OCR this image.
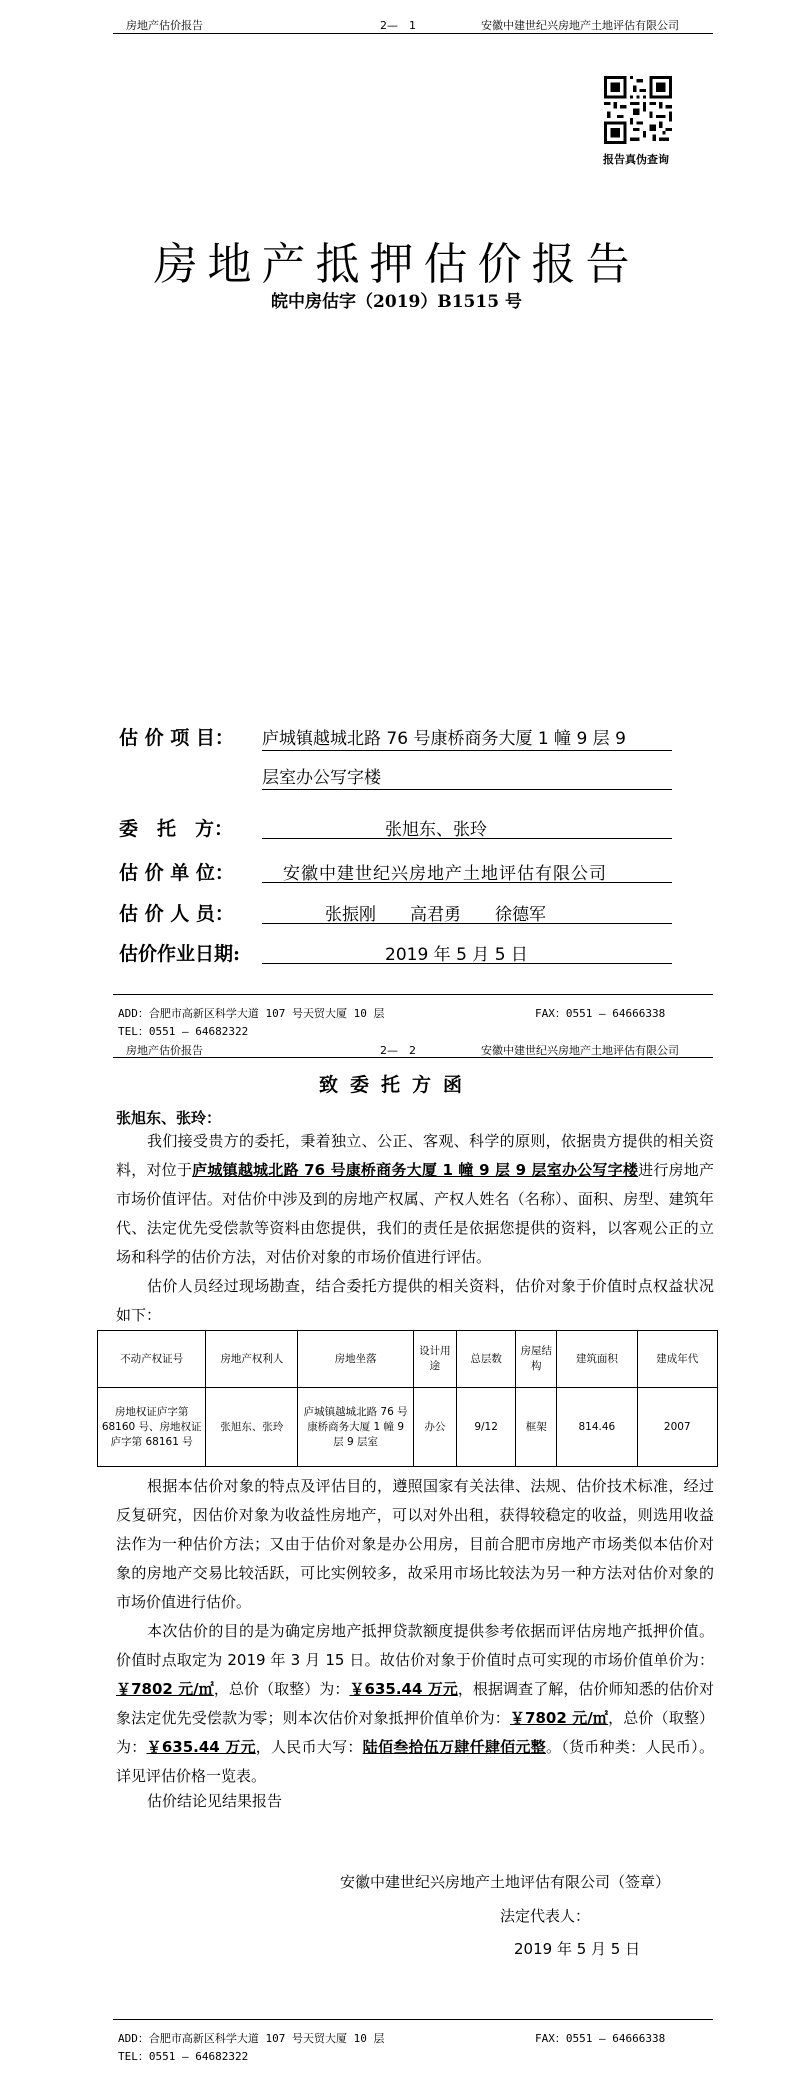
房地产估价报告	2—　1	安徽中建世纪兴房地产土地评估有限公司
报告真伪查询
房地产抵押估价报告
皖中房估字（2019）B1515 号
估 价 项 目： 庐城镇越城北路 76 号康桥商务大厦 1 幢 9 层 9
层室办公写字楼
委　托　方：	张旭东、张玲
估 价 单 位：	安徽中建世纪兴房地产土地评估有限公司
估 价 人 员：	张振刚　　高君勇　　徐德军
估价作业日期:	2019 年 5 月 5 日
ADD：合肥市高新区科学大道 107 号天贸大厦 10 层	FAX：0551 — 64666338
TEL：0551 — 64682322
房地产估价报告	2—　2	安徽中建世纪兴房地产土地评估有限公司
致委托方函
张旭东、张玲：
我们接受贵方的委托，秉着独立、公正、客观、科学的原则，依据贵方提供的相关资料，对位于庐城镇越城北路 76 号康桥商务大厦 1 幢 9 层 9 层室办公写字楼进行房地产市场价值评估。对估价中涉及到的房地产权属、产权人姓名（名称）、面积、房型、建筑年代、法定优先受偿款等资料由您提供，我们的责任是依据您提供的资料，以客观公正的立场和科学的估价方法，对估价对象的市场价值进行评估。
估价人员经过现场勘查，结合委托方提供的相关资料，估价对象于价值时点权益状况如下：
不动产权证号	房地产权利人	房地坐落	设计用途	总层数	房屋结构	建筑面积	建成年代
房地权证庐字第 68160 号、房地权证庐字第 68161 号	张旭东、张玲	庐城镇越城北路 76 号康桥商务大厦 1 幢 9 层 9 层室	办公	9/12	框架	814.46	2007
根据本估价对象的特点及评估目的，遵照国家有关法律、法规、估价技术标准，经过反复研究，因估价对象为收益性房地产，可以对外出租，获得较稳定的收益，则选用收益法作为一种估价方法；又由于估价对象是办公用房，目前合肥市房地产市场类似本估价对象的房地产交易比较活跃，可比实例较多，故采用市场比较法为另一种方法对估价对象的市场价值进行估价。
本次估价的目的是为确定房地产抵押贷款额度提供参考依据而评估房地产抵押价值。价值时点取定为 2019 年 3 月 15 日。故估价对象于价值时点可实现的市场价值单价为：￥7802 元/㎡，总价（取整）为：￥635.44 万元，根据调查了解，估价师知悉的估价对象法定优先受偿款为零；则本次估价对象抵押价值单价为：￥7802 元/㎡，总价（取整）为：￥635.44 万元，人民币大写：陆佰叁拾伍万肆仟肆佰元整。（货币种类：人民币）。详见评估价格一览表。
估价结论见结果报告
安徽中建世纪兴房地产土地评估有限公司（签章）
法定代表人：
2019 年 5 月 5 日
ADD：合肥市高新区科学大道 107 号天贸大厦 10 层	FAX：0551 — 64666338
TEL：0551 — 64682322
